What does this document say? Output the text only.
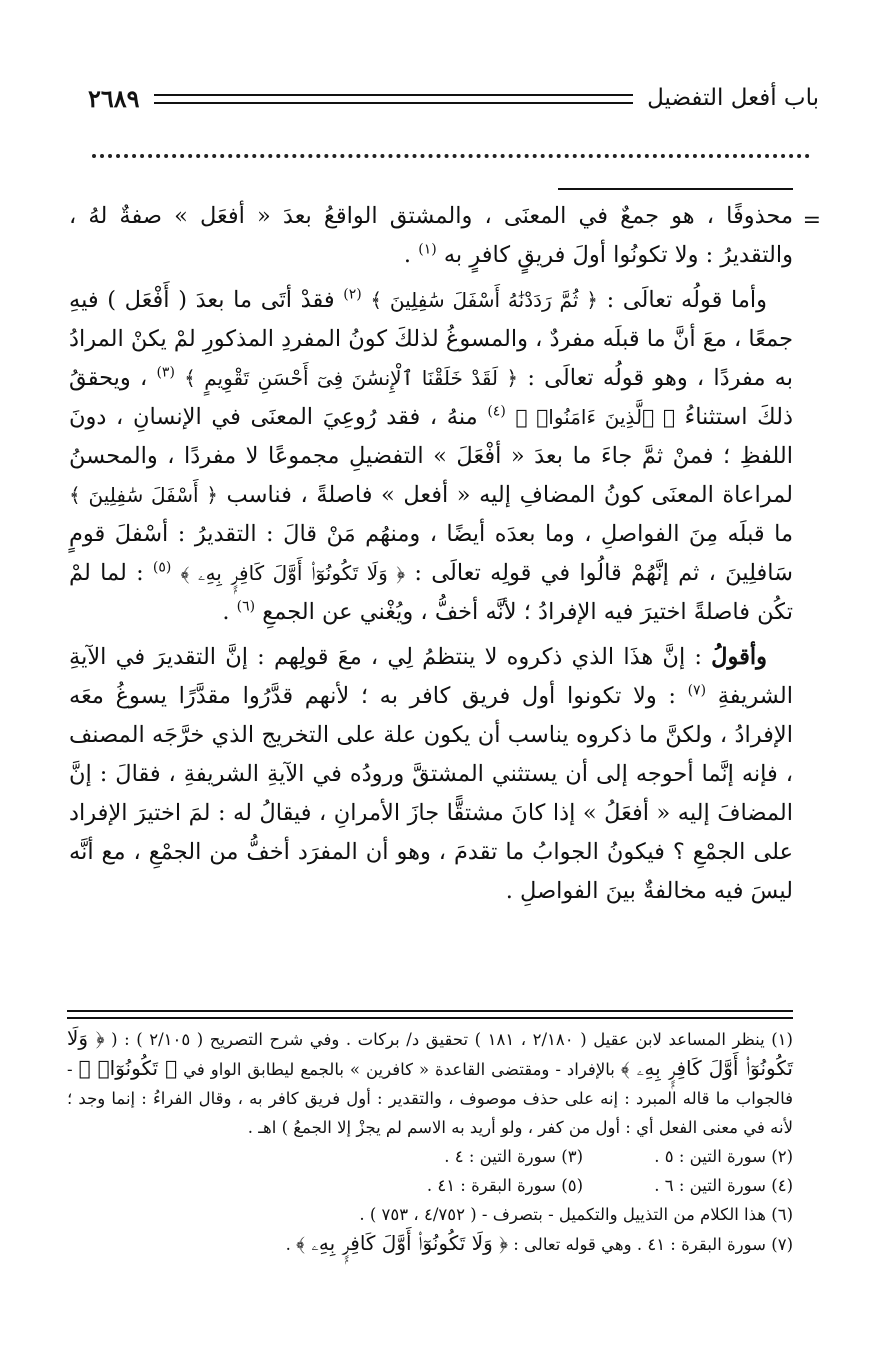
باب أفعل التفضيل
٢٦٨٩
=

محذوفًا ، هو جمعٌ في المعنَى ، والمشتق الواقعُ بعدَ « أفعَل » صفةٌ لهُ ، والتقديرُ : ولا تكونُوا أولَ فريقٍ كافرٍ به $^{(١)}$ .

وأما قولُه تعالَى : ﴿ ثُمَّ رَدَدْنَٰهُ أَسْفَلَ سَٰفِلِينَ ﴾ $^{(٢)}$ فقدْ أتَى ما بعدَ ( أَفْعَل ) فيهِ جمعًا ، معَ أنَّ ما قبلَه مفردٌ ، والمسوغُ لذلكَ كونُ المفردِ المذكورِ لمْ يكنْ المرادُ به مفردًا ، وهو قولُه تعالَى : ﴿ لَقَدْ خَلَقْنَا ٱلْإِنسَٰنَ فِىٓ أَحْسَنِ تَقْوِيمٍ ﴾ $^{(٣)}$ ، ويحققُ ذلكَ استثناءُ ﴿ ٱلَّذِينَ ءَامَنُوا۟ ﴾ $^{(٤)}$ منهُ ، فقد رُوعِيَ المعنَى في الإنسانِ ، دونَ اللفظِ ؛ فمنْ ثمَّ جاءَ ما بعدَ « أفْعَلَ » التفضيلِ مجموعًا لا مفردًا ، والمحسنُ لمراعاة المعنَى كونُ المضافِ إليه « أفعل » فاصلةً ، فناسب ﴿ أَسْفَلَ سَٰفِلِينَ ﴾ ما قبلَه مِنَ الفواصلِ ، وما بعدَه أيضًا ، ومنهُم مَنْ قالَ : التقديرُ : أسْفلَ قومٍ سَافلِينَ ، ثم إنَّهُمْ قالُوا في قولِه تعالَى : ﴿ وَلَا تَكُونُوٓا۟ أَوَّلَ كَافِرٍۭ بِهِۦ ﴾ $^{(٥)}$ : لما لمْ تكُن فاصلةً اختيرَ فيه الإفرادُ ؛ لأنَّه أخفُّ ، ويُغْني عن الجمعِ $^{(٦)}$ .

وأقولُ : إنَّ هذَا الذي ذكروه لا ينتظمُ لِي ، معَ قولِهم : إنَّ التقديرَ في الآيةِ الشريفةِ $^{(٧)}$ : ولا تكونوا أول فريق كافر به ؛ لأنهم قدَّرُوا مقدَّرًا يسوغُ معَه الإفرادُ ، ولكنَّ ما ذكروه يناسب أن يكون علة على التخريج الذي خرَّجَه المصنف ، فإنه إنَّما أحوجه إلى أن يستثني المشتقَّ ورودُه في الآيةِ الشريفةِ ، فقالَ : إنَّ المضافَ إليه « أفعَلُ » إذا كانَ مشتقًّا جازَ الأمرانِ ، فيقالُ له : لمَ اختيرَ الإفراد على الجمْعِ ؟ فيكونُ الجوابُ ما تقدمَ ، وهو أن المفرَد أخفُّ من الجمْعِ ، مع أنَّه ليسَ فيه مخالفةٌ بينَ الفواصلِ .

(١) ينظر المساعد لابن عقيل ( ٢/١٨٠ ، ١٨١ ) تحقيق د/ بركات . وفي شرح التصريح ( ٢/١٠٥ ) : ( ﴿ وَلَا تَكُونُوٓا۟ أَوَّلَ كَافِرٍۭ بِهِۦ ﴾ بالإفراد - ومقتضى القاعدة « كافرين » بالجمع ليطابق الواو في ﴿ تَكُونُوٓا۟ ﴾ - فالجواب ما قاله المبرد : إنه على حذف موصوف ، والتقدير : أول فريق كافر به ، وقال الفراءُ : إنما وجد ؛ لأنه في معنى الفعل أي : أول من كفر ، ولو أريد به الاسم لم يجزْ إلا الجمعُ ) اهـ .

(٢) سورة التين : ٥ .
(٣) سورة التين : ٤ .
(٤) سورة التين : ٦ .
(٥) سورة البقرة : ٤١ .

(٦) هذا الكلام من التذييل والتكميل - بتصرف - ( ٤/٧٥٢ ، ٧٥٣ ) .

(٧) سورة البقرة : ٤١ . وهي قوله تعالى : ﴿ وَلَا تَكُونُوٓا۟ أَوَّلَ كَافِرٍۭ بِهِۦ ﴾ .
